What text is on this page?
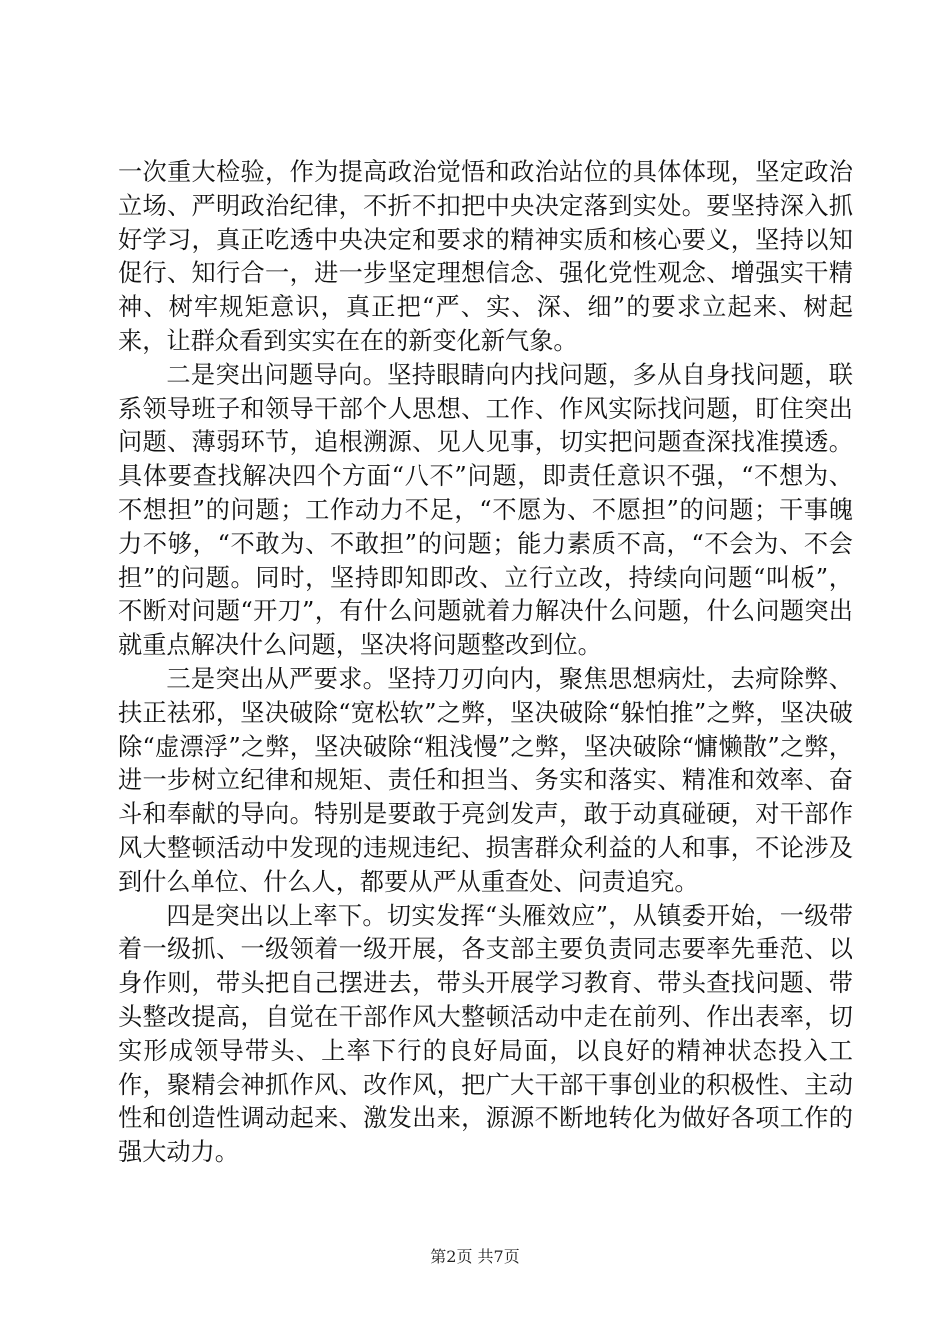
一次重大检验，作为提高政治觉悟和政治站位的具体体现，坚定政治立场、严明政治纪律，不折不扣把中央决定落到实处。要坚持深入抓好学习，真正吃透中央决定和要求的精神实质和核心要义，坚持以知促行、知行合一，进一步坚定理想信念、强化党性观念、增强实干精神、树牢规矩意识，真正把“严、实、深、细”的要求立起来、树起来，让群众看到实实在在的新变化新气象。

二是突出问题导向。坚持眼睛向内找问题，多从自身找问题，联系领导班子和领导干部个人思想、工作、作风实际找问题，盯住突出问题、薄弱环节，追根溯源、见人见事，切实把问题查深找准摸透。具体要查找解决四个方面“八不”问题，即责任意识不强，“不想为、不想担”的问题；工作动力不足，“不愿为、不愿担”的问题；干事魄力不够，“不敢为、不敢担”的问题；能力素质不高，“不会为、不会担”的问题。同时，坚持即知即改、立行立改，持续向问题“叫板”，不断对问题“开刀”，有什么问题就着力解决什么问题，什么问题突出就重点解决什么问题，坚决将问题整改到位。

三是突出从严要求。坚持刀刃向内，聚焦思想病灶，去疴除弊、扶正祛邪，坚决破除“宽松软”之弊，坚决破除“躲怕推”之弊，坚决破除“虚漂浮”之弊，坚决破除“粗浅慢”之弊，坚决破除“慵懒散”之弊，进一步树立纪律和规矩、责任和担当、务实和落实、精准和效率、奋斗和奉献的导向。特别是要敢于亮剑发声，敢于动真碰硬，对干部作风大整顿活动中发现的违规违纪、损害群众利益的人和事，不论涉及到什么单位、什么人，都要从严从重查处、问责追究。

四是突出以上率下。切实发挥“头雁效应”，从镇委开始，一级带着一级抓、一级领着一级开展，各支部主要负责同志要率先垂范、以身作则，带头把自己摆进去，带头开展学习教育、带头查找问题、带头整改提高，自觉在干部作风大整顿活动中走在前列、作出表率，切实形成领导带头、上率下行的良好局面，以良好的精神状态投入工作，聚精会神抓作风、改作风，把广大干部干事创业的积极性、主动性和创造性调动起来、激发出来，源源不断地转化为做好各项工作的强大动力。

第2页 共7页
